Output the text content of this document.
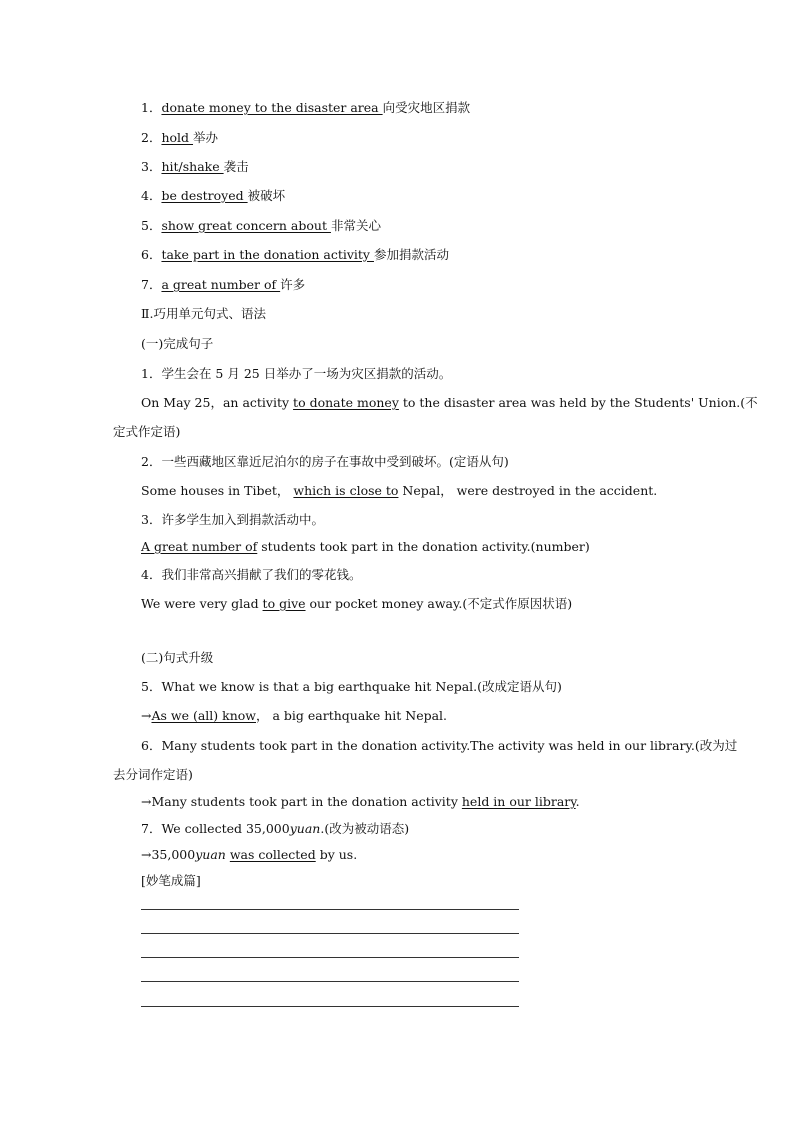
1．donate money to the disaster area 向受灾地区捐款
2．hold 举办
3．hit/shake 袭击
4．be destroyed 被破坏
5．show great concern about 非常关心
6．take part in the donation activity 参加捐款活动
7．a great number of 许多
Ⅱ.巧用单元句式、语法
(一)完成句子
1．学生会在 5 月 25 日举办了一场为灾区捐款的活动。
On May 25，an activity to donate money to the disaster area was held by the Students' Union.(不
定式作定语)
2．一些西藏地区靠近尼泊尔的房子在事故中受到破坏。(定语从句)
Some houses in Tibet， which is close to Nepal， were destroyed in the accident.
3．许多学生加入到捐款活动中。
A great number of students took part in the donation activity.(number)
4．我们非常高兴捐献了我们的零花钱。
We were very glad to give our pocket money away.(不定式作原因状语)
(二)句式升级
5．What we know is that a big earthquake hit Nepal.(改成定语从句)
→As we (all) know， a big earthquake hit Nepal.
6．Many students took part in the donation activity.The activity was held in our library.(改为过
去分词作定语)
→Many students took part in the donation activity held in our library.
7．We collected 35,000yuan.(改为被动语态)
→35,000yuan was collected by us.
[妙笔成篇]
